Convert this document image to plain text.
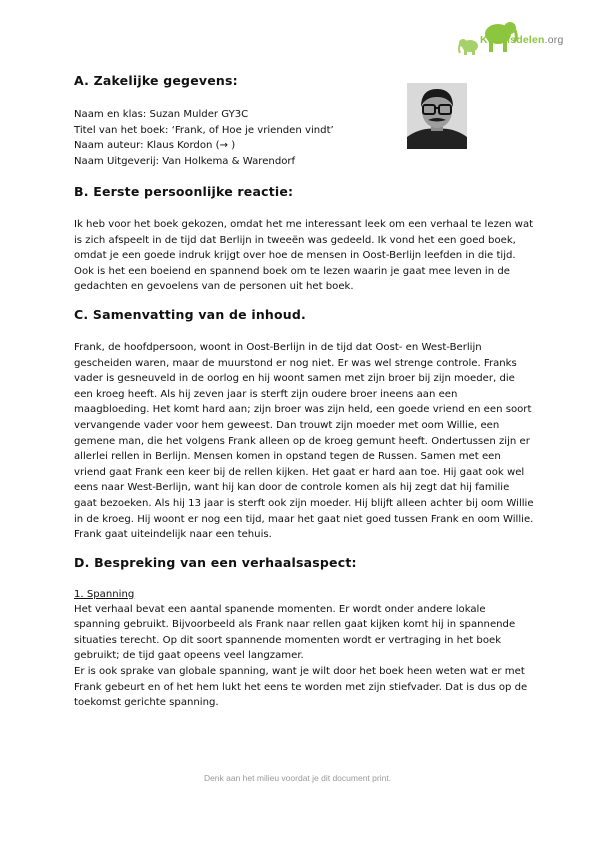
Kennisdelen.org
A. Zakelijke gegevens:

Naam en klas: Suzan Mulder GY3C

Titel van het boek: ‘Frank, of Hoe je vrienden vindt’

Naam auteur: Klaus Kordon (→ )

Naam Uitgeverij: Van Holkema & Warendorf

B. Eerste persoonlijke reactie:

Ik heb voor het boek gekozen, omdat het me interessant leek om een verhaal te lezen wat is zich afspeelt in de tijd dat Berlijn in tweeën was gedeeld. Ik vond het een goed boek, omdat je een goede indruk krijgt over hoe de mensen in Oost-Berlijn leefden in die tijd. Ook is het een boeiend en spannend boek om te lezen waarin je gaat mee leven in de gedachten en gevoelens van de personen uit het boek.

C. Samenvatting van de inhoud.

Frank, de hoofdpersoon, woont in Oost-Berlijn in de tijd dat Oost- en West-Berlijn gescheiden waren, maar de muurstond er nog niet. Er was wel strenge controle. Franks vader is gesneuveld in de oorlog en hij woont samen met zijn broer bij zijn moeder, die een kroeg heeft. Als hij zeven jaar is sterft zijn oudere broer ineens aan een maagbloeding. Het komt hard aan; zijn broer was zijn held, een goede vriend en een soort vervangende vader voor hem geweest. Dan trouwt zijn moeder met oom Willie, een gemene man, die het volgens Frank alleen op de kroeg gemunt heeft. Ondertussen zijn er allerlei rellen in Berlijn. Mensen komen in opstand tegen de Russen. Samen met een vriend gaat Frank een keer bij de rellen kijken. Het gaat er hard aan toe. Hij gaat ook wel eens naar West-Berlijn, want hij kan door de controle komen als hij zegt dat hij familie gaat bezoeken. Als hij 13 jaar is sterft ook zijn moeder. Hij blijft alleen achter bij oom Willie in de kroeg. Hij woont er nog een tijd, maar het gaat niet goed tussen Frank en oom Willie. Frank gaat uiteindelijk naar een tehuis.

D. Bespreking van een verhaalsaspect:

1. Spanning

Het verhaal bevat een aantal spanende momenten. Er wordt onder andere lokale spanning gebruikt. Bijvoorbeeld als Frank naar rellen gaat kijken komt hij in spannende situaties terecht. Op dit soort spannende momenten wordt er vertraging in het boek gebruikt; de tijd gaat opeens veel langzamer.

Er is ook sprake van globale spanning, want je wilt door het boek heen weten wat er met Frank gebeurt en of het hem lukt het eens te worden met zijn stiefvader. Dat is dus op de toekomst gerichte spanning.

Denk aan het milieu voordat je dit document print.
